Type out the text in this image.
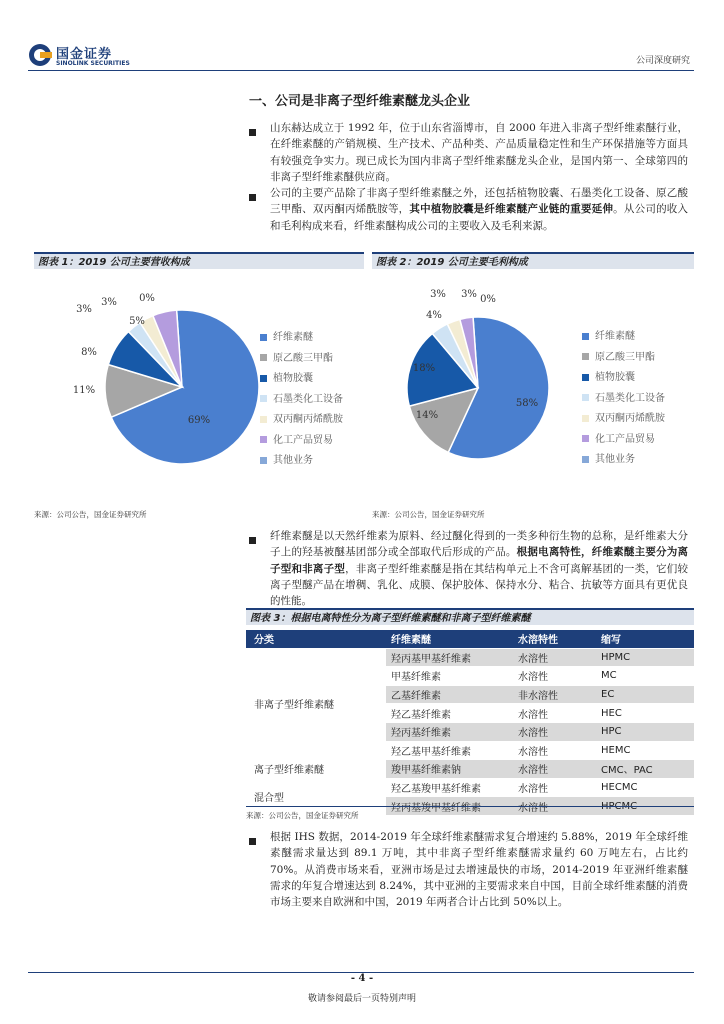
国金证券
SINOLINK SECURITIES	公司深度研究
一、公司是非离子型纤维素醚龙头企业
山东赫达成立于 1992 年，位于山东省淄博市，自 2000 年进入非离子型纤维素醚行业，在纤维素醚的产销规模、生产技术、产品种类、产品质量稳定性和生产环保措施等方面具有较强竞争实力。现已成长为国内非离子型纤维素醚龙头企业，是国内第一、全球第四的非离子型纤维素醚供应商。
公司的主要产品除了非离子型纤维素醚之外，还包括植物胶囊、石墨类化工设备、原乙酸三甲酯、双丙酮丙烯酰胺等，其中植物胶囊是纤维素醚产业链的重要延伸。从公司的收入和毛利构成来看，纤维素醚构成公司的主要收入及毛利来源。
图表 1：2019 公司主要营收构成
69%
11%
8%
3%
3%
5%
0%
纤维素醚
原乙酸三甲酯
植物胶囊
石墨类化工设备
双丙酮丙烯酰胺
化工产品贸易
其他业务
来源：公司公告，国金证券研究所
图表 2：2019 公司主要毛利构成
58%
14%
18%
4%
3% 3% 0%
纤维素醚
原乙酸三甲酯
植物胶囊
石墨类化工设备
双丙酮丙烯酰胺
化工产品贸易
其他业务
来源：公司公告，国金证券研究所
纤维素醚是以天然纤维素为原料、经过醚化得到的一类多种衍生物的总称，是纤维素大分子上的羟基被醚基团部分或全部取代后形成的产品。根据电离特性，纤维素醚主要分为离子型和非离子型，非离子型纤维素醚是指在其结构单元上不含可离解基团的一类，它们较离子型醚产品在增稠、乳化、成膜、保护胶体、保持水分、粘合、抗敏等方面具有更优良的性能。
图表 3：根据电离特性分为离子型纤维素醚和非离子型纤维素醚
分类	纤维素醚	水溶特性	缩写
非离子型纤维素醚	羟丙基甲基纤维素	水溶性	HPMC
	甲基纤维素	水溶性	MC
	乙基纤维素	非水溶性	EC
	羟乙基纤维素	水溶性	HEC
	羟丙基纤维素	水溶性	HPC
	羟乙基甲基纤维素	水溶性	HEMC
离子型纤维素醚	羧甲基纤维素钠	水溶性	CMC、PAC
混合型	羟乙基羧甲基纤维素	水溶性	HECMC
	羟丙基羧甲基纤维素	水溶性	HPCMC
来源：公司公告，国金证券研究所
根据 IHS 数据，2014-2019 年全球纤维素醚需求复合增速约 5.88%，2019 年全球纤维素醚需求量达到 89.1 万吨，其中非离子型纤维素醚需求量约 60 万吨左右，占比约 70%。从消费市场来看，亚洲市场是过去增速最快的市场，2014-2019 年亚洲纤维素醚需求的年复合增速达到 8.24%，其中亚洲的主要需求来自中国，目前全球纤维素醚的消费市场主要来自欧洲和中国，2019 年两者合计占比到 50%以上。
- 4 -
敬请参阅最后一页特别声明
